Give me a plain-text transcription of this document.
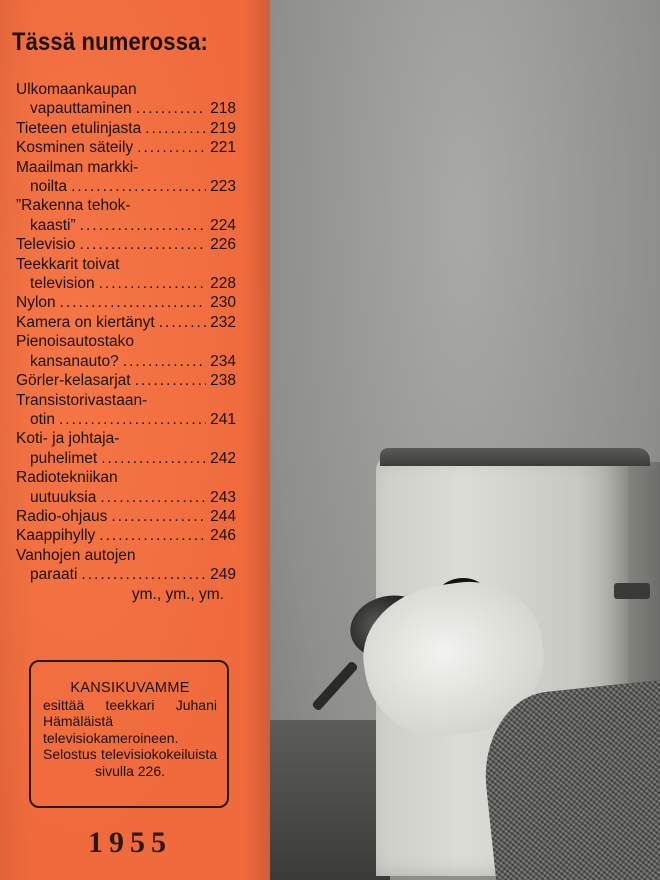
Tässä numerossa:
Ulkomaankaupan
vapauttaminen .....	218
Tieteen etulinjasta .....	219
Kosminen säteily .....	221
Maailman markki-
noilta .....	223
”Rakenna tehok-
kaasti” .....	224
Televisio .....	226
Teekkarit toivat
television .....	228
Nylon .....	230
Kamera on kiertänyt .....	232
Pienoisautostako
kansanauto? .....	234
Görler-kelasarjat .....	238
Transistorivastaan-
otin .....	241
Koti- ja johtaja-
puhelimet .....	242
Radiotekniikan
uutuuksia .....	243
Radio-ohjaus .....	244
Kaappihylly .....	246
Vanhojen autojen
paraati .....	249
ym., ym., ym.
KANSIKUVAMME
esittää teekkari Juhani Hämäläistä televisiokameroineen. Selostus televisiokokeiluista sivulla 226.
1955
